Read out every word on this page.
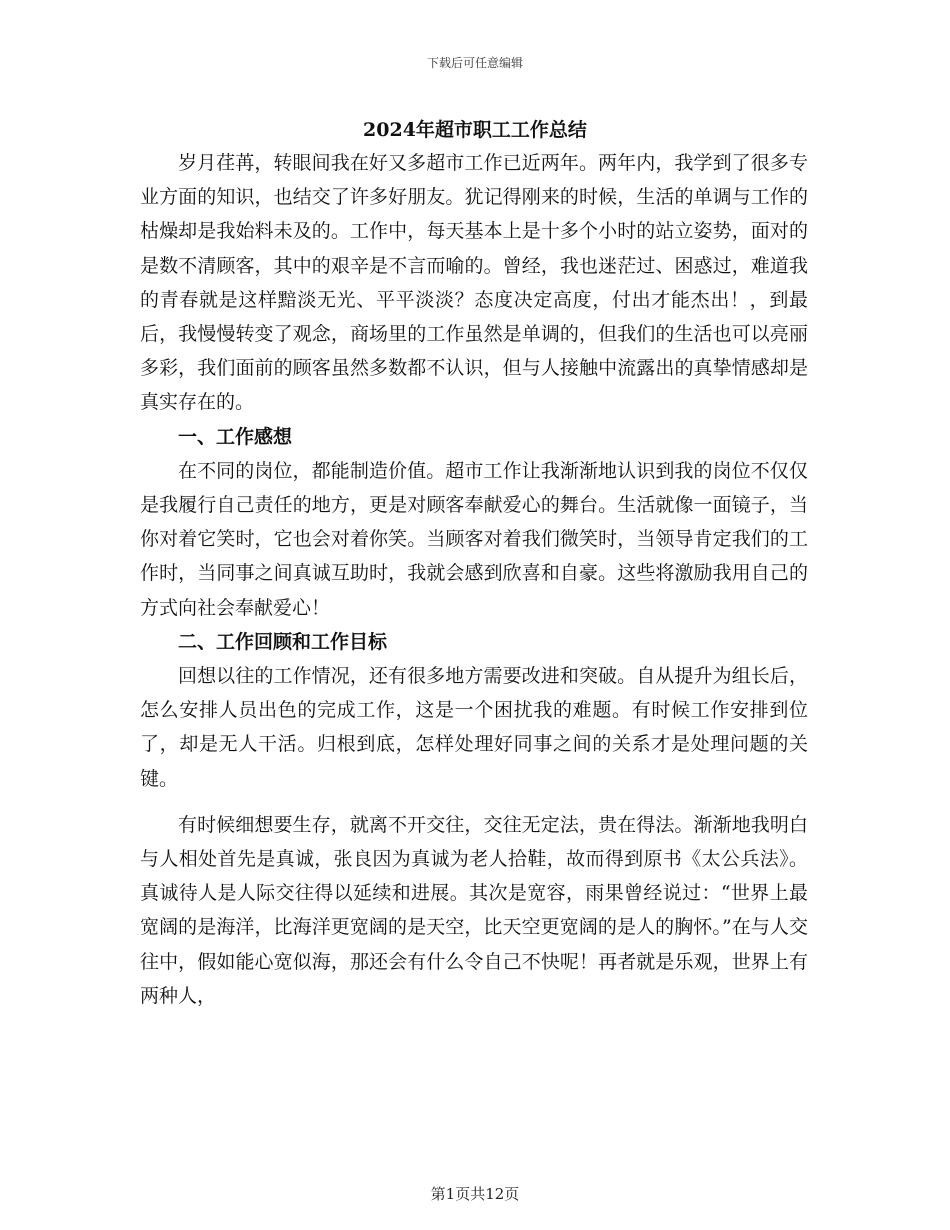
下载后可任意编辑
2024年超市职工工作总结

岁月荏苒，转眼间我在好又多超市工作已近两年。两年内，我学到了很多专业方面的知识，也结交了许多好朋友。犹记得刚来的时候，生活的单调与工作的枯燥却是我始料未及的。工作中，每天基本上是十多个小时的站立姿势，面对的是数不清顾客，其中的艰辛是不言而喻的。曾经，我也迷茫过、困惑过，难道我的青春就是这样黯淡无光、平平淡淡？态度决定高度，付出才能杰出！，到最后，我慢慢转变了观念，商场里的工作虽然是单调的，但我们的生活也可以亮丽多彩，我们面前的顾客虽然多数都不认识，但与人接触中流露出的真挚情感却是真实存在的。

一、工作感想

在不同的岗位，都能制造价值。超市工作让我渐渐地认识到我的岗位不仅仅是我履行自己责任的地方，更是对顾客奉献爱心的舞台。生活就像一面镜子，当你对着它笑时，它也会对着你笑。当顾客对着我们微笑时，当领导肯定我们的工作时，当同事之间真诚互助时，我就会感到欣喜和自豪。这些将激励我用自己的方式向社会奉献爱心！

二、工作回顾和工作目标

回想以往的工作情况，还有很多地方需要改进和突破。自从提升为组长后，怎么安排人员出色的完成工作，这是一个困扰我的难题。有时候工作安排到位了，却是无人干活。归根到底，怎样处理好同事之间的关系才是处理问题的关键。

有时候细想要生存，就离不开交往，交往无定法，贵在得法。渐渐地我明白与人相处首先是真诚，张良因为真诚为老人拾鞋，故而得到原书《太公兵法》。真诚待人是人际交往得以延续和进展。其次是宽容，雨果曾经说过：“世界上最宽阔的是海洋，比海洋更宽阔的是天空，比天空更宽阔的是人的胸怀。”在与人交往中，假如能心宽似海，那还会有什么令自己不快呢！再者就是乐观，世界上有两种人，

第1页共12页
